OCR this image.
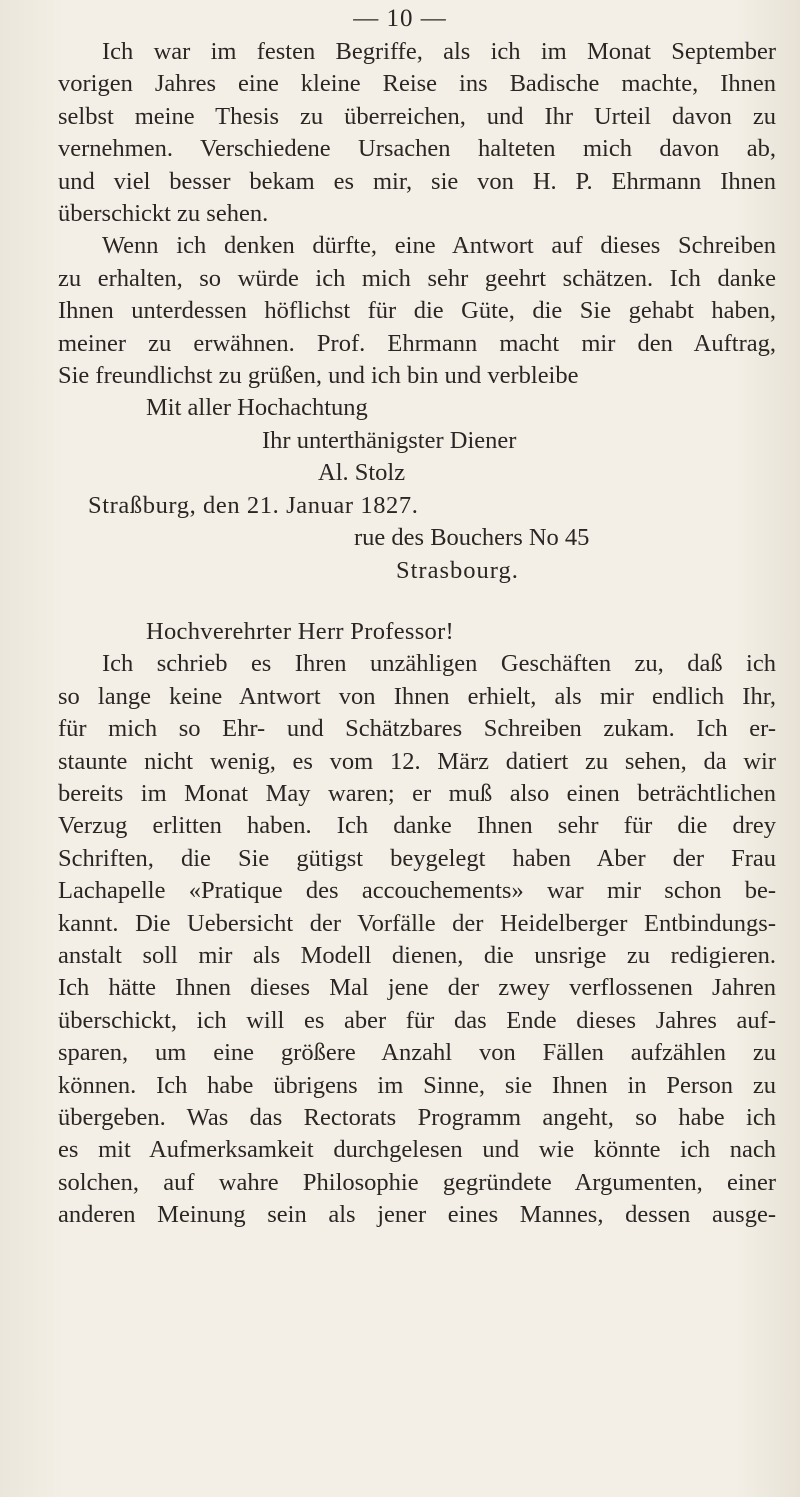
— 10 —

Ich war im festen Begriffe, als ich im Monat September
vorigen Jahres eine kleine Reise ins Badische machte, Ihnen
selbst meine Thesis zu überreichen, und Ihr Urteil davon zu
vernehmen. Verschiedene Ursachen halteten mich davon ab,
und viel besser bekam es mir, sie von H. P. Ehrmann Ihnen
überschickt zu sehen.

Wenn ich denken dürfte, eine Antwort auf dieses Schreiben
zu erhalten, so würde ich mich sehr geehrt schätzen. Ich danke
Ihnen unterdessen höflichst für die Güte, die Sie gehabt haben,
meiner zu erwähnen. Prof. Ehrmann macht mir den Auftrag,
Sie freundlichst zu grüßen, und ich bin und verbleibe

Mit aller Hochachtung
Ihr unterthänigster Diener
Al. Stolz
Straßburg, den 21. Januar 1827.
rue des Bouchers No 45
Strasbourg.

Hochverehrter Herr Professor!

Ich schrieb es Ihren unzähligen Geschäften zu, daß ich
so lange keine Antwort von Ihnen erhielt, als mir endlich Ihr,
für mich so Ehr- und Schätzbares Schreiben zukam. Ich er-
staunte nicht wenig, es vom 12. März datiert zu sehen, da wir
bereits im Monat May waren; er muß also einen beträchtlichen
Verzug erlitten haben. Ich danke Ihnen sehr für die drey
Schriften, die Sie gütigst beygelegt haben Aber der Frau
Lachapelle «Pratique des accouchements» war mir schon be-
kannt. Die Uebersicht der Vorfälle der Heidelberger Entbindungs-
anstalt soll mir als Modell dienen, die unsrige zu redigieren.
Ich hätte Ihnen dieses Mal jene der zwey verflossenen Jahren
überschickt, ich will es aber für das Ende dieses Jahres auf-
sparen, um eine größere Anzahl von Fällen aufzählen zu
können. Ich habe übrigens im Sinne, sie Ihnen in Person zu
übergeben. Was das Rectorats Programm angeht, so habe ich
es mit Aufmerksamkeit durchgelesen und wie könnte ich nach
solchen, auf wahre Philosophie gegründete Argumenten, einer
anderen Meinung sein als jener eines Mannes, dessen ausge-
